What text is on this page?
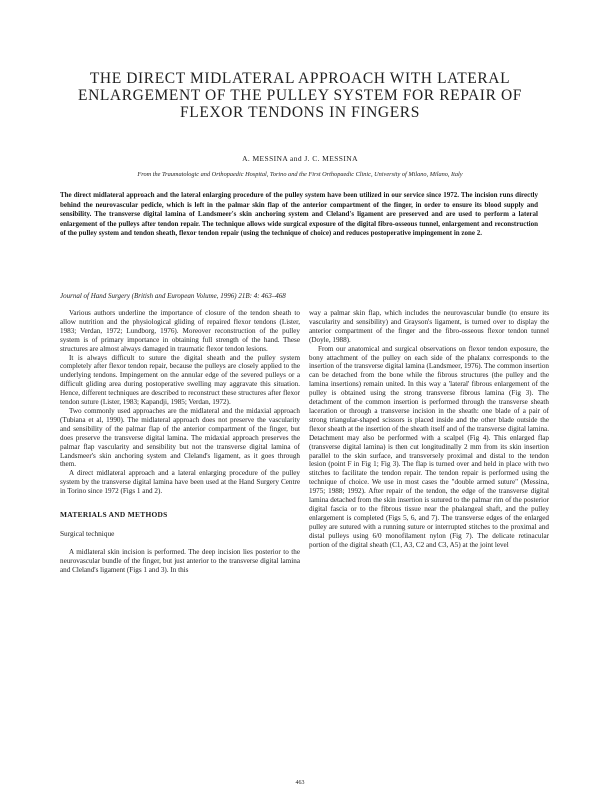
THE DIRECT MIDLATERAL APPROACH WITH LATERAL ENLARGEMENT OF THE PULLEY SYSTEM FOR REPAIR OF FLEXOR TENDONS IN FINGERS
A. MESSINA and J. C. MESSINA
From the Traumatologic and Orthopaedic Hospital, Torino and the First Orthopaedic Clinic, University of Milano, Milano, Italy
The direct midlateral approach and the lateral enlarging procedure of the pulley system have been utilized in our service since 1972. The incision runs directly behind the neurovascular pedicle, which is left in the palmar skin flap of the anterior compartment of the finger, in order to ensure its blood supply and sensibility. The transverse digital lamina of Landsmeer's skin anchoring system and Cleland's ligament are preserved and are used to perform a lateral enlargement of the pulleys after tendon repair. The technique allows wide surgical exposure of the digital fibro-osseous tunnel, enlargement and reconstruction of the pulley system and tendon sheath, flexor tendon repair (using the technique of choice) and reduces postoperative impingement in zone 2.
Journal of Hand Surgery (British and European Volume, 1996) 21B: 4: 463–468

Various authors underline the importance of closure of the tendon sheath to allow nutrition and the physiological gliding of repaired flexor tendons (Lister, 1983; Verdan, 1972; Lundborg, 1976). Moreover reconstruction of the pulley system is of primary importance in obtaining full strength of the hand. These structures are almost always damaged in traumatic flexor tendon lesions.

It is always difficult to suture the digital sheath and the pulley system completely after flexor tendon repair, because the pulleys are closely applied to the underlying tendons. Impingement on the annular edge of the severed pulleys or a difficult gliding area during postoperative swelling may aggravate this situation. Hence, different techniques are described to reconstruct these structures after flexor tendon suture (Lister, 1983; Kapandji, 1985; Verdan, 1972).

Two commonly used approaches are the midlateral and the midaxial approach (Tubiana et al, 1990). The midlateral approach does not preserve the vascularity and sensibility of the palmar flap of the anterior compartment of the finger, but does preserve the transverse digital lamina. The midaxial approach preserves the palmar flap vascularity and sensibility but not the transverse digital lamina of Landsmeer's skin anchoring system and Cleland's ligament, as it goes through them.

A direct midlateral approach and a lateral enlarging procedure of the pulley system by the transverse digital lamina have been used at the Hand Surgery Centre in Torino since 1972 (Figs 1 and 2).

MATERIALS AND METHODS
Surgical technique

A midlateral skin incision is performed. The deep incision lies posterior to the neurovascular bundle of the finger, but just anterior to the transverse digital lamina and Cleland's ligament (Figs 1 and 3). In this

way a palmar skin flap, which includes the neurovascular bundle (to ensure its vascularity and sensibility) and Grayson's ligament, is turned over to display the anterior compartment of the finger and the fibro-osseous flexor tendon tunnel (Doyle, 1988).

From our anatomical and surgical observations on flexor tendon exposure, the bony attachment of the pulley on each side of the phalanx corresponds to the insertion of the transverse digital lamina (Landsmeer, 1976). The common insertion can be detached from the bone while the fibrous structures (the pulley and the lamina insertions) remain united. In this way a 'lateral' fibrous enlargement of the pulley is obtained using the strong transverse fibrous lamina (Fig 3). The detachment of the common insertion is performed through the transverse sheath laceration or through a transverse incision in the sheath: one blade of a pair of strong triangular-shaped scissors is placed inside and the other blade outside the flexor sheath at the insertion of the sheath itself and of the transverse digital lamina. Detachment may also be performed with a scalpel (Fig 4). This enlarged flap (transverse digital lamina) is then cut longitudinally 2 mm from its skin insertion parallel to the skin surface, and transversely proximal and distal to the tendon lesion (point F in Fig 1; Fig 3). The flap is turned over and held in place with two stitches to facilitate the tendon repair. The tendon repair is performed using the technique of choice. We use in most cases the "double armed suture" (Messina, 1975; 1988; 1992). After repair of the tendon, the edge of the transverse digital lamina detached from the skin insertion is sutured to the palmar rim of the posterior digital fascia or to the fibrous tissue near the phalangeal shaft, and the pulley enlargement is completed (Figs 5, 6, and 7). The transverse edges of the enlarged pulley are sutured with a running suture or interrupted stitches to the proximal and distal pulleys using 6/0 monofilament nylon (Fig 7). The delicate retinacular portion of the digital sheath (C1, A3, C2 and C3, A5) at the joint level

463
